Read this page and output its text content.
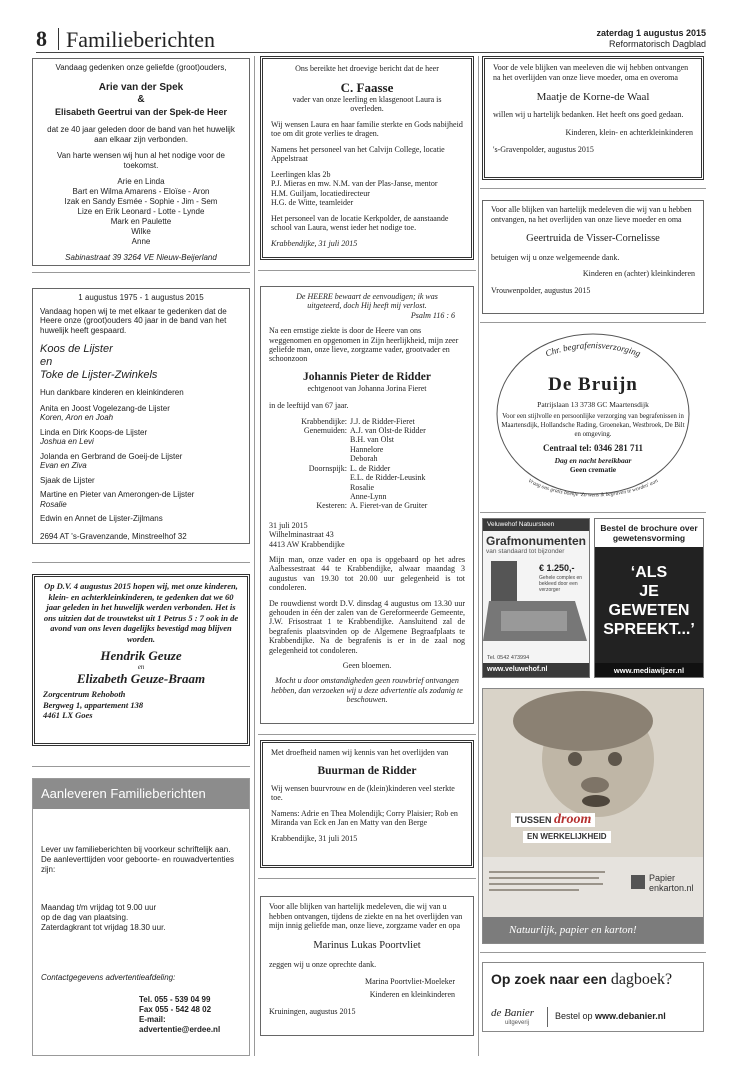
8 Familieberichten	zaterdag 1 augustus 2015
Reformatorisch Dagblad
Vandaag gedenken onze geliefde (groot)ouders,
Arie van der Spek
&
Elisabeth Geertrui van der Spek-de Heer
dat ze 40 jaar geleden door de band van het huwelijk aan elkaar zijn verbonden.
Van harte wensen wij hun al het nodige voor de toekomst.
Arie en Linda
Bart en Wilma Amarens - Eloïse - Aron
Izak en Sandy Esmée - Sophie - Jim - Sem
Lize en Erik Leonard - Lotte - Lynde
Mark en Paulette
Wilke
Anne
Sabinastraat 39 3264 VE Nieuw-Beijerland
1 augustus 1975 - 1 augustus 2015
Vandaag hopen wij te met elkaar te gedenken dat de Heere onze (groot)ouders 40 jaar in de band van het huwelijk heeft gespaard.
Koos de Lijster
en
Toke de Lijster-Zwinkels
Hun dankbare kinderen en kleinkinderen
Anita en Joost Vogelezang-de Lijster
Koren, Aron en Joah
Linda en Dirk Koops-de Lijster
Joshua en Levi
Jolanda en Gerbrand de Goeij-de Lijster
Evan en Ziva
Sjaak de Lijster
Martine en Pieter van Amerongen-de Lijster
Rosalie
Edwin en Annet de Lijster-Zijlmans
2694 AT 's-Gravenzande, Minstreelhof 32
Op D.V. 4 augustus 2015 hopen wij, met onze kinderen, klein- en achterkleinkinderen, te gedenken dat we 60 jaar geleden in het huwelijk werden verbonden. Het is ons uitzien dat de trouwtekst uit 1 Petrus 5 : 7 ook in de avond van ons leven dagelijks bevestigd mag blijven worden.
Hendrik Geuze
en
Elizabeth Geuze-Braam
Zorgcentrum Rehoboth
Bergweg 1, appartement 138
4461 LX Goes
Aanleveren Familieberichten
Lever uw familieberichten bij voorkeur schriftelijk aan. De aanleverttijden voor geboorte- en rouwadvertenties zijn:
Maandag t/m vrijdag tot 9.00 uur
op de dag van plaatsing.
Zaterdagkrant tot vrijdag 18.30 uur.
Contactgegevens advertentieafdeling:
Tel. 055 - 539 04 99
Fax 055 - 542 48 02
E-mail: advertentie@erdee.nl
Ons bereikte het droevige bericht dat de heer
C. Faasse
vader van onze leerling en klasgenoot Laura is overleden.
Wij wensen Laura en haar familie sterkte en Gods nabijheid toe om dit grote verlies te dragen.
Namens het personeel van het Calvijn College, locatie Appelstraat
Leerlingen klas 2b
P.J. Mieras en mw. N.M. van der Plas-Janse, mentor
H.M. Guiljam, locatiedirecteur
H.G. de Witte, teamleider
Het personeel van de locatie Kerkpolder, de aanstaande school van Laura, wenst ieder het nodige toe.
Krabbendijke, 31 juli 2015
De HEERE bewaart de eenvoudigen; ik was uitgeteerd, doch Hij heeft mij verlost.
Psalm 116 : 6
Na een ernstige ziekte is door de Heere van ons weggenomen en opgenomen in Zijn heerlijkheid, mijn zeer geliefde man, onze lieve, zorgzame vader, grootvader en schoonzoon
Johannis Pieter de Ridder
echtgenoot van Johanna Jorina Fieret
in de leeftijd van 67 jaar.
Krabbendijke: J.J. de Ridder-Fieret
Genemuiden: A.J. van Olst-de Ridder
B.H. van Olst
Hannelore
Deborah
Doornspijk: L. de Ridder
E.L. de Ridder-Leusink
Rosalie
Anne-Lynn
Kesteren: A. Fieret-van de Gruiter
31 juli 2015
Wilhelminastraat 43
4413 AW Krabbendijke
Mijn man, onze vader en opa is opgebaard op het adres Aalbessestraat 44 te Krabbendijke, alwaar maandag 3 augustus van 19.30 tot 20.00 uur gelegenheid is tot condoleren.
De rouwdienst wordt D.V. dinsdag 4 augustus om 13.30 uur gehouden in één der zalen van de Gereformeerde Gemeente, J.W. Frisostraat 1 te Krabbendijke. Aansluitend zal de begrafenis plaatsvinden op de Algemene Begraafplaats te Krabbendijke. Na de begrafenis is er in de zaal nog gelegenheid tot condoleren.
Geen bloemen.
Mocht u door omstandigheden geen rouwbrief ontvangen hebben, dan verzoeken wij u deze advertentie als zodanig te beschouwen.
Met droefheid namen wij kennis van het overlijden van
Buurman de Ridder
Wij wensen buurvrouw en de (klein)kinderen veel sterkte toe.
Namens: Adrie en Thea Molendijk; Corry Plaisier; Rob en Miranda van Eck en Jan en Matty van den Berge
Krabbendijke, 31 juli 2015
Voor alle blijken van hartelijk medeleven, die wij van u hebben ontvangen, tijdens de ziekte en na het overlijden van mijn innig geliefde man, onze lieve, zorgzame vader en opa
Marinus Lukas Poortvliet
zeggen wij u onze oprechte dank.
Marina Poortvliet-Moeleker
Kinderen en kleinkinderen
Kruiningen, augustus 2015
Voor de vele blijken van meeleven die wij hebben ontvangen na het overlijden van onze lieve moeder, oma en overoma
Maatje de Korne-de Waal
willen wij u hartelijk bedanken. Het heeft ons goed gedaan.
Kinderen, klein- en achterkleinkinderen
's-Gravenpolder, augustus 2015
Voor alle blijken van hartelijk medeleven die wij van u hebben ontvangen, na het overlijden van onze lieve moeder en oma
Geertruida de Visser-Cornelisse
betuigen wij u onze welgemeende dank.
Kinderen en (achter) kleinkinderen
Vrouwenpolder, augustus 2015
Chr. begrafenisverzorging
Vraag ons gratis boekje 'Zo wens ik begraven te worden' aan
De Bruijn
Patrijslaan 13 3738 GC Maartensdijk
Voor een stijlvolle en persoonlijke verzorging van begrafenissen in Maartensdijk, Hollandsche Rading, Groenekan, Westbroek, De Bilt en omgeving.
Centraal tel: 0346 281 711
Dag en nacht bereikbaar
Geen crematie
Veluwehof Natuursteen
Grafmonumenten
van standaard tot bijzonder
€ 1.250,-
Gehele complex en bekleed door een verzorger
Tel. 0542 473994
www.veluwehof.nl
Bestel de brochure over gewetensvorming
‘ALS
JE
GEWETEN
SPREEKT...’
www.mediawijzer.nl
TUSSEN droom
EN WERKELIJKHEID
Papier
enkarton.nl
Natuurlijk, papier en karton!
Op zoek naar een dagboek?
de Banier
uitgeverij
Bestel op www.debanier.nl
